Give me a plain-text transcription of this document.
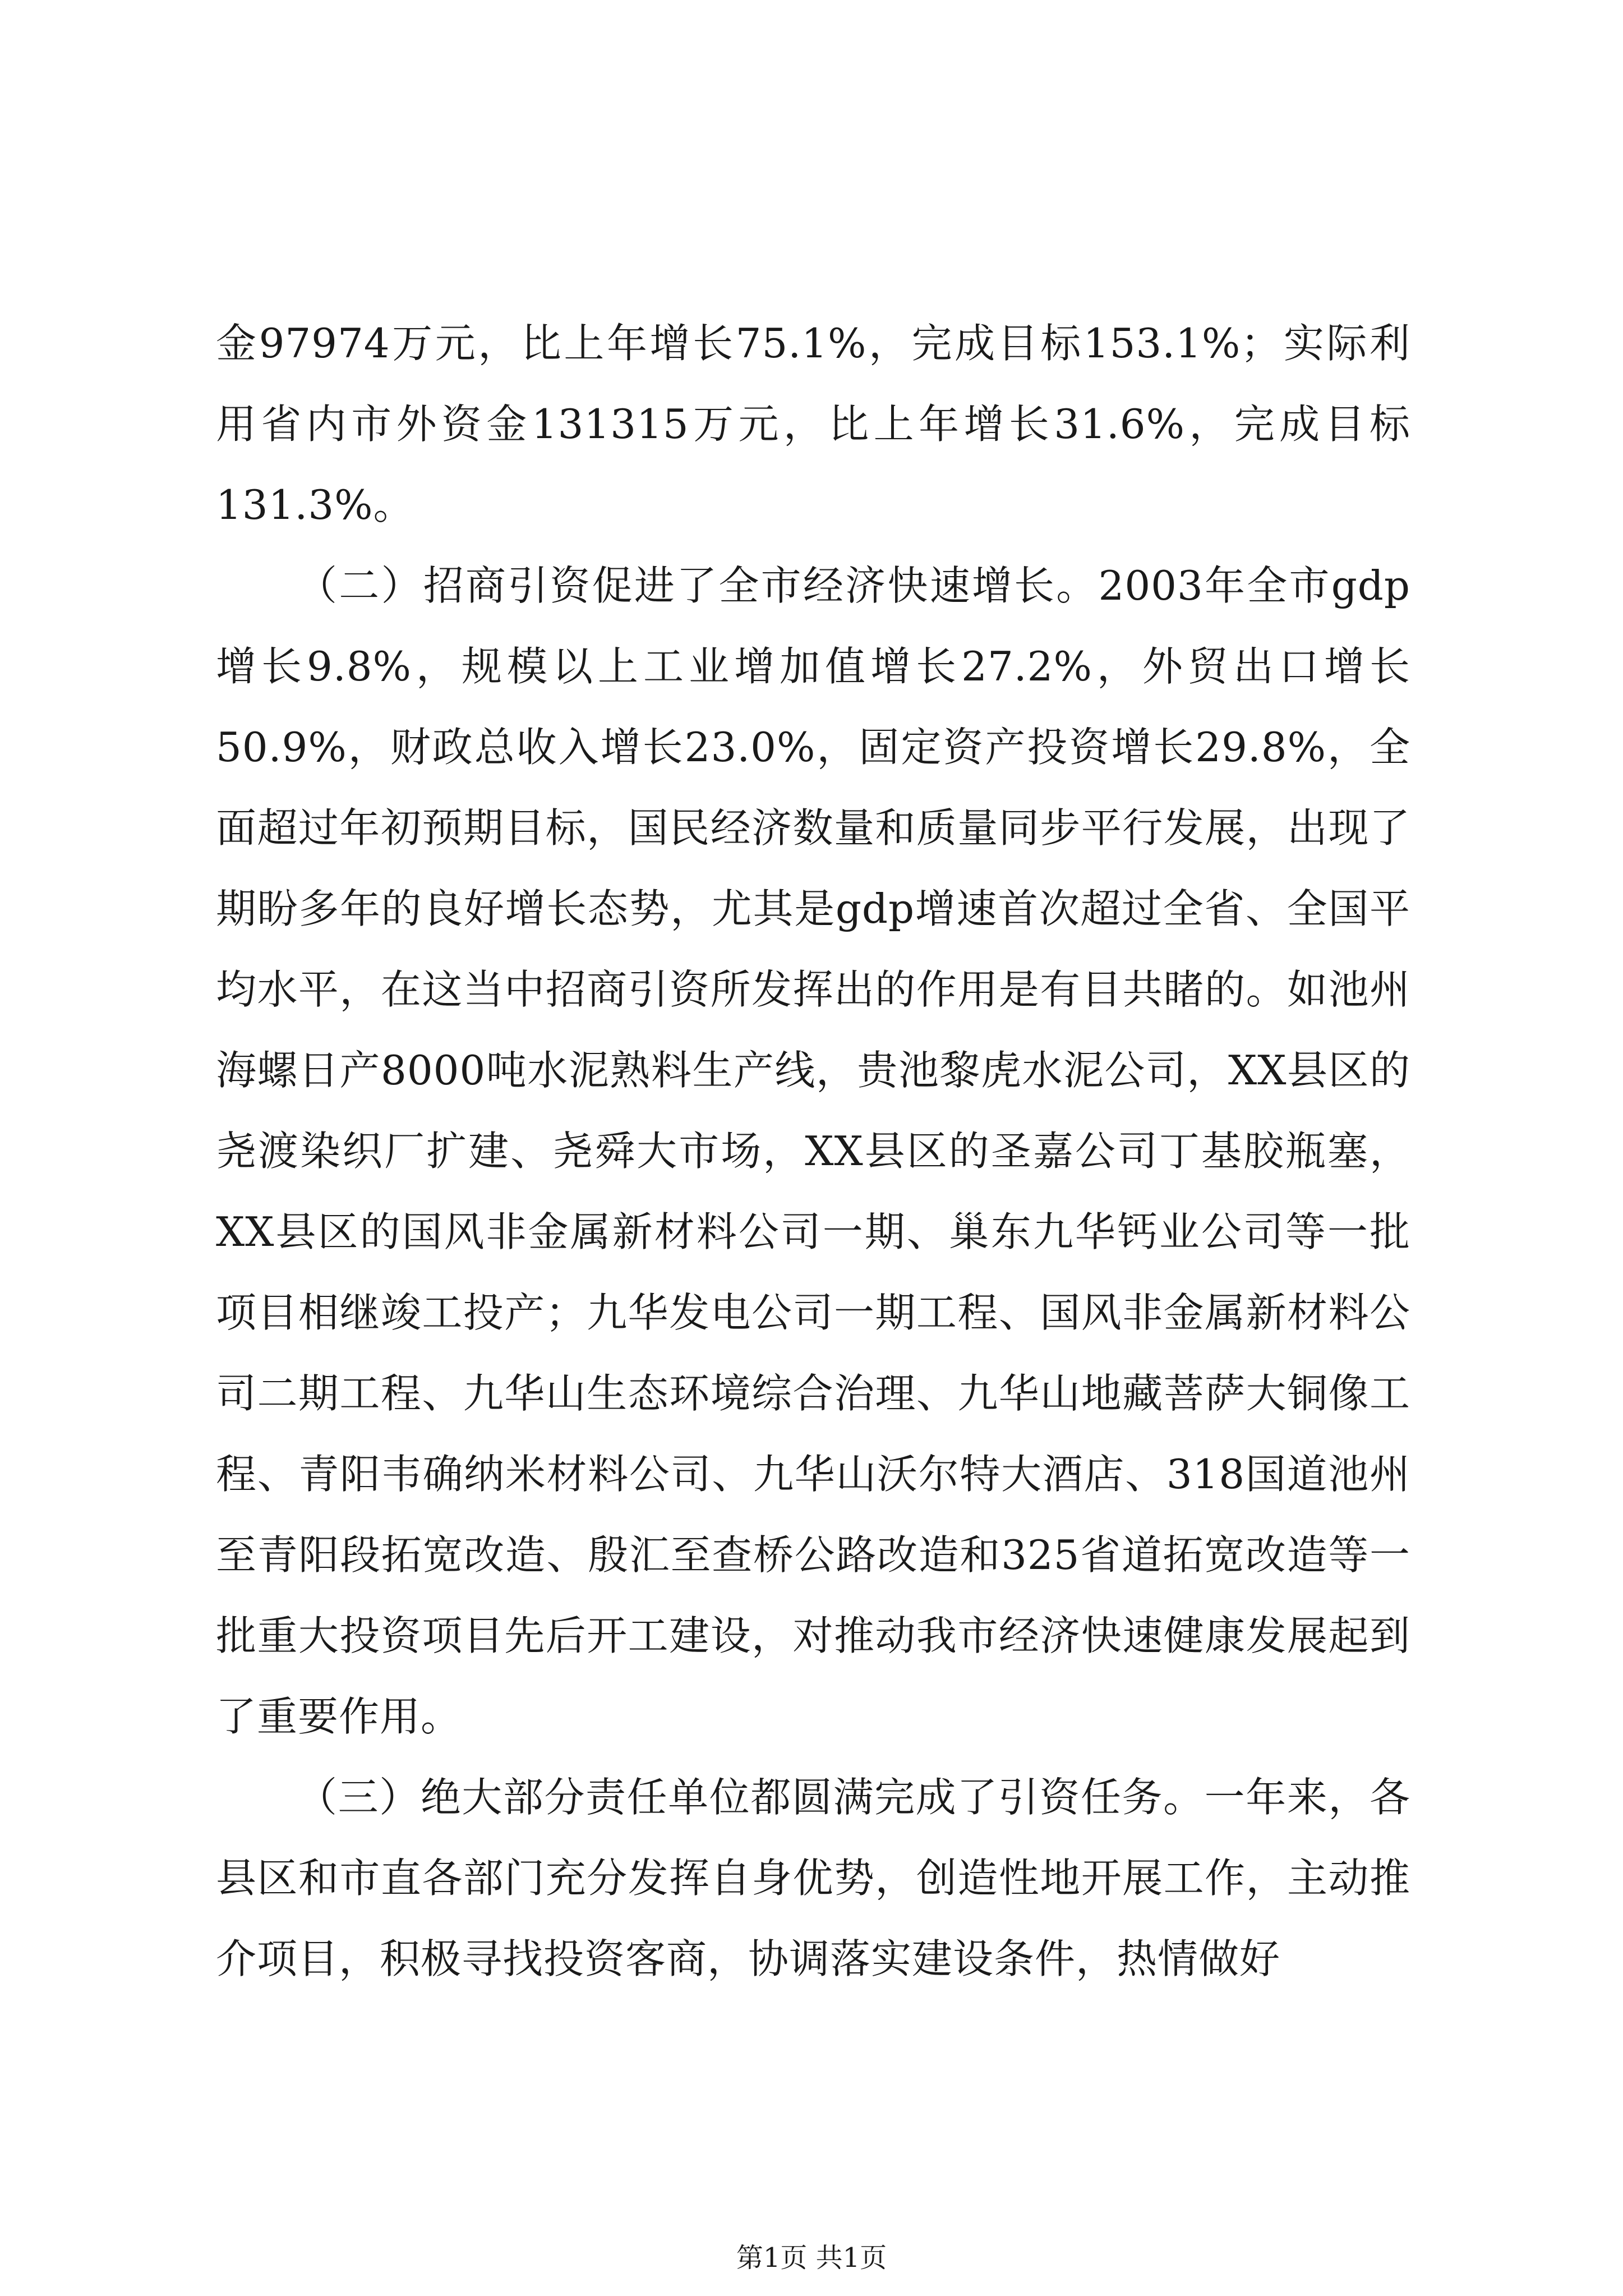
金97974万元，比上年增长75.1%，完成目标153.1%；实际利用省内市外资金131315万元，比上年增长31.6%，完成目标131.3%。

（二）招商引资促进了全市经济快速增长。2003年全市gdp增长9.8%，规模以上工业增加值增长27.2%，外贸出口增长50.9%，财政总收入增长23.0%，固定资产投资增长29.8%，全面超过年初预期目标，国民经济数量和质量同步平行发展，出现了期盼多年的良好增长态势，尤其是gdp增速首次超过全省、全国平均水平，在这当中招商引资所发挥出的作用是有目共睹的。如池州海螺日产8000吨水泥熟料生产线，贵池黎虎水泥公司，XX县区的尧渡染织厂扩建、尧舜大市场，XX县区的圣嘉公司丁基胶瓶塞，XX县区的国风非金属新材料公司一期、巢东九华钙业公司等一批项目相继竣工投产；九华发电公司一期工程、国风非金属新材料公司二期工程、九华山生态环境综合治理、九华山地藏菩萨大铜像工程、青阳韦确纳米材料公司、九华山沃尔特大酒店、318国道池州至青阳段拓宽改造、殷汇至查桥公路改造和325省道拓宽改造等一批重大投资项目先后开工建设，对推动我市经济快速健康发展起到了重要作用。

（三）绝大部分责任单位都圆满完成了引资任务。一年来，各县区和市直各部门充分发挥自身优势，创造性地开展工作，主动推介项目，积极寻找投资客商，协调落实建设条件，热情做好

第1页 共1页
